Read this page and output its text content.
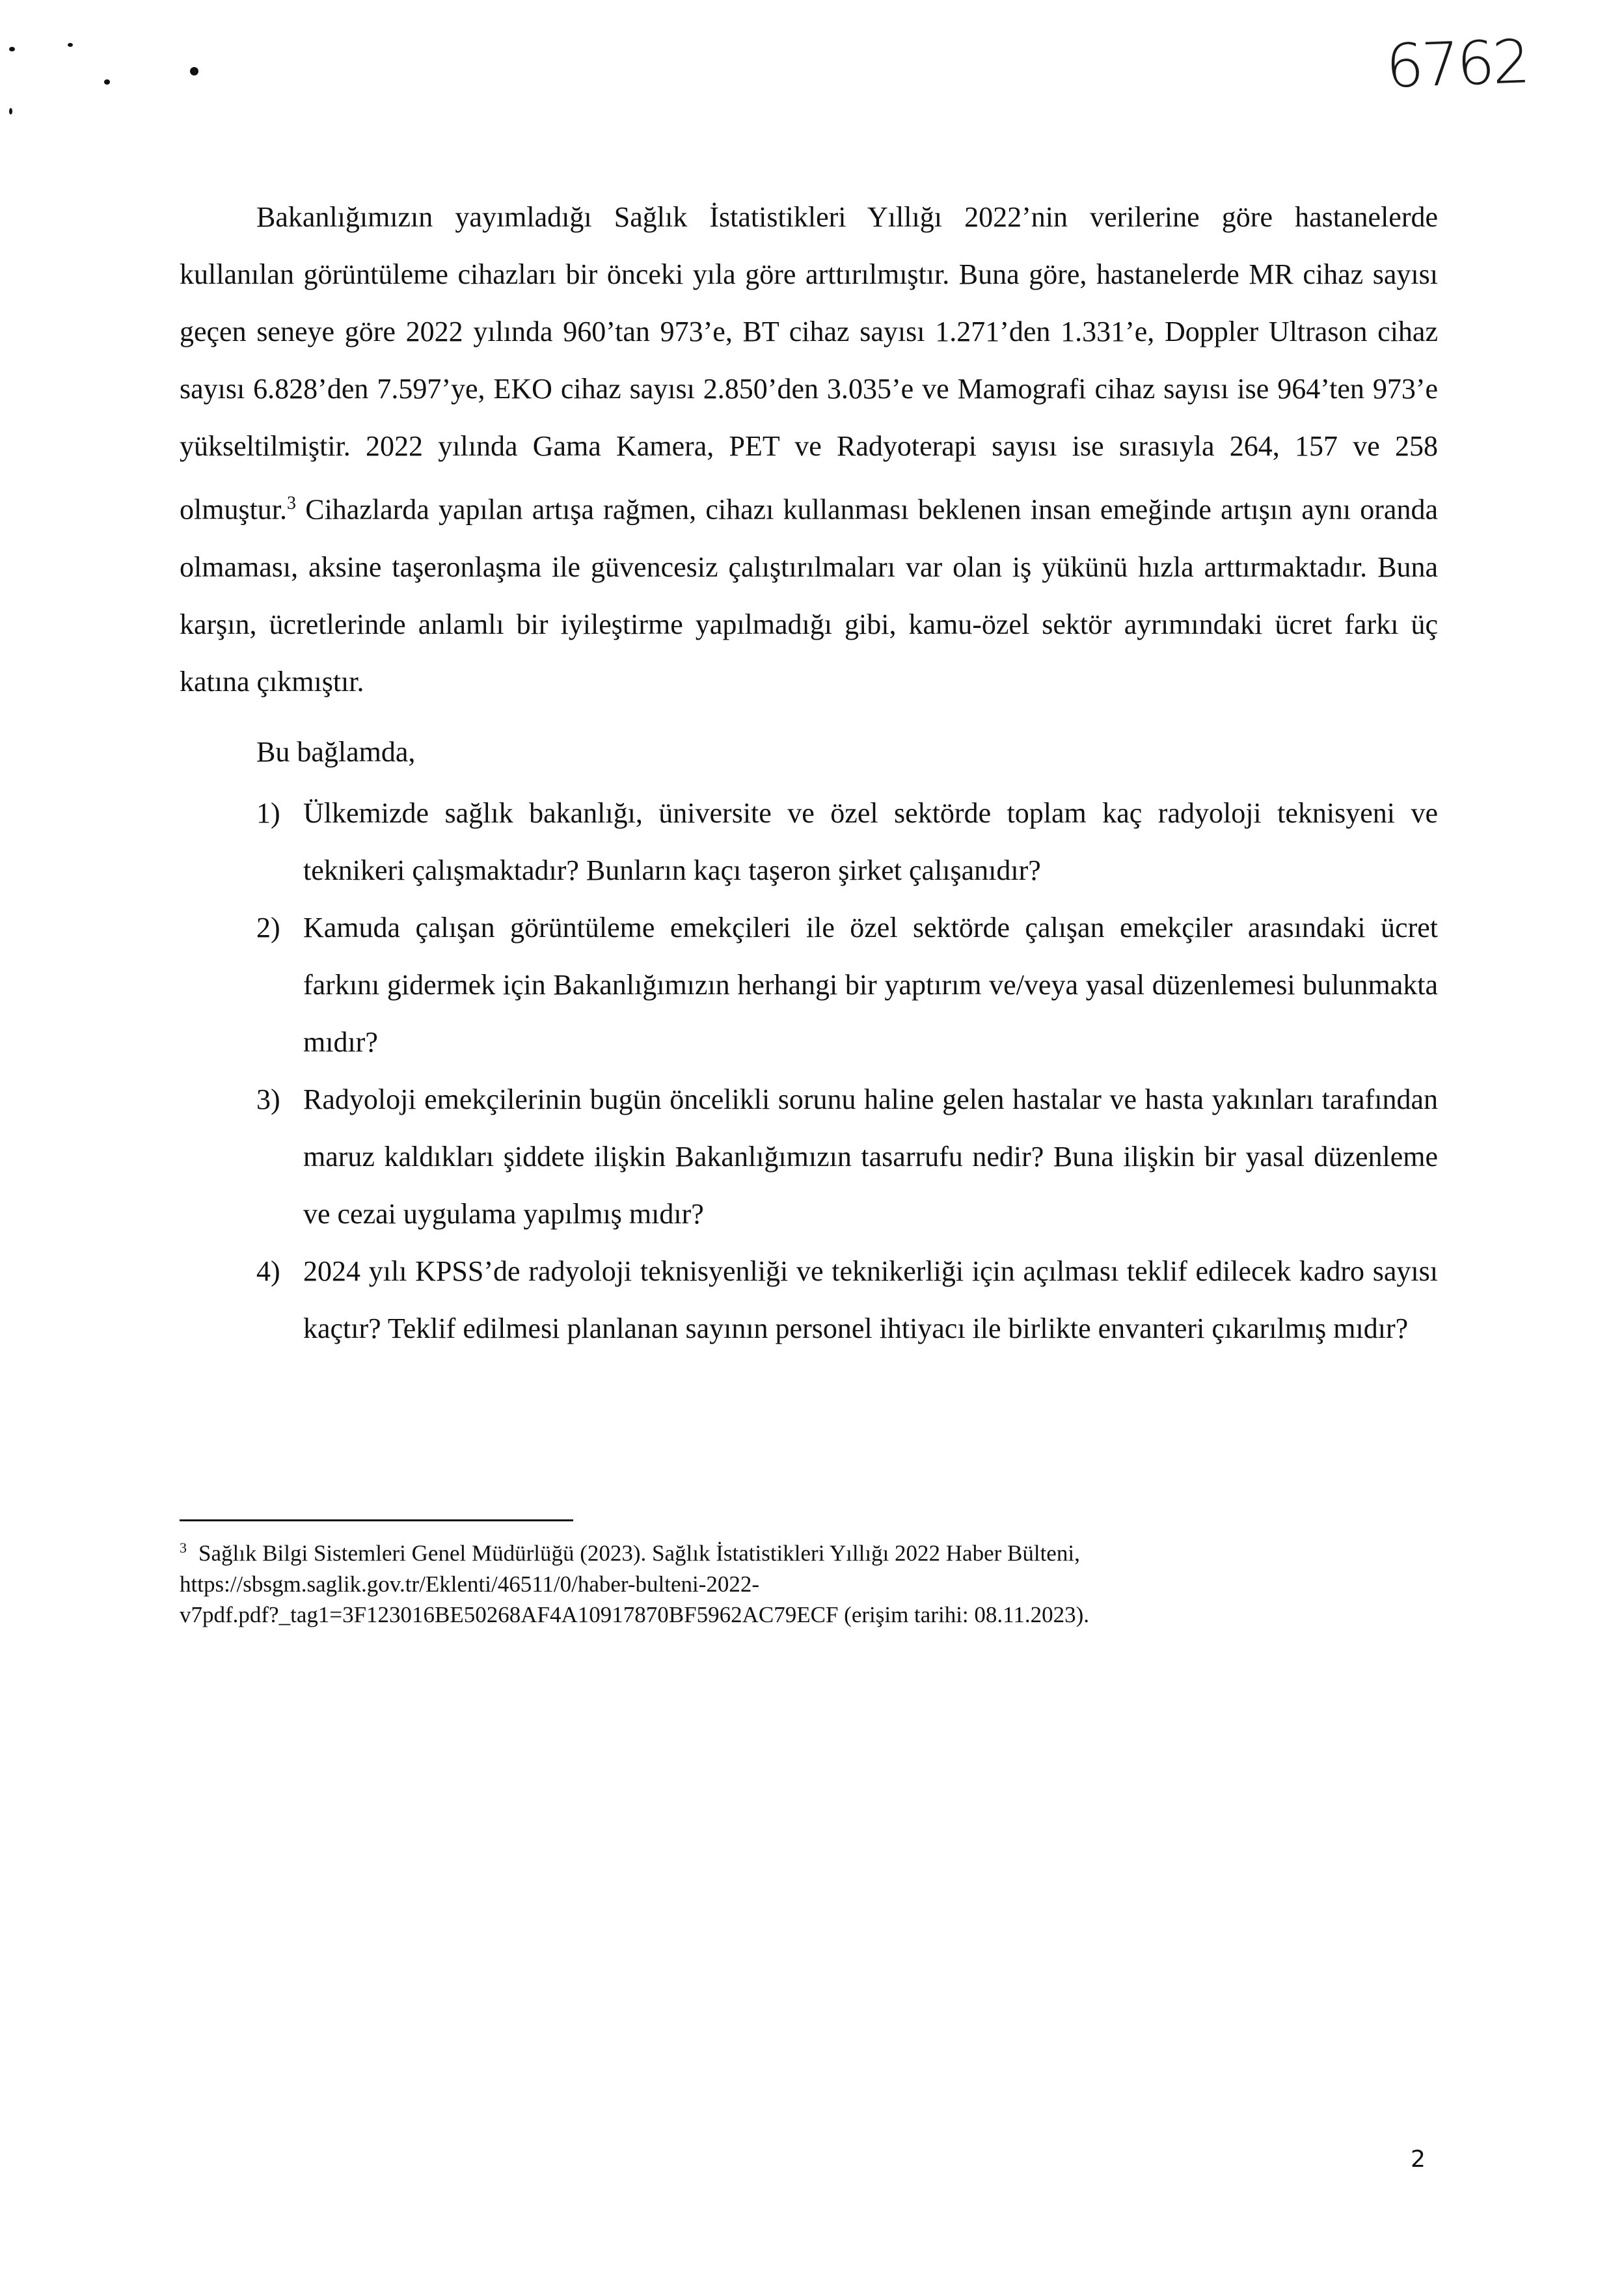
6762

Bakanlığımızın yayımladığı Sağlık İstatistikleri Yıllığı 2022’nin verilerine göre hastanelerde kullanılan görüntüleme cihazları bir önceki yıla göre arttırılmıştır. Buna göre, hastanelerde MR cihaz sayısı geçen seneye göre 2022 yılında 960’tan 973’e, BT cihaz sayısı 1.271’den 1.331’e, Doppler Ultrason cihaz sayısı 6.828’den 7.597’ye, EKO cihaz sayısı 2.850’den 3.035’e ve Mamografi cihaz sayısı ise 964’ten 973’e yükseltilmiştir. 2022 yılında Gama Kamera, PET ve Radyoterapi sayısı ise sırasıyla 264, 157 ve 258 olmuştur.$^3$ Cihazlarda yapılan artışa rağmen, cihazı kullanması beklenen insan emeğinde artışın aynı oranda olmaması, aksine taşeronlaşma ile güvencesiz çalıştırılmaları var olan iş yükünü hızla arttırmaktadır. Buna karşın, ücretlerinde anlamlı bir iyileştirme yapılmadığı gibi, kamu-özel sektör ayrımındaki ücret farkı üç katına çıkmıştır.

Bu bağlamda,

1) Ülkemizde sağlık bakanlığı, üniversite ve özel sektörde toplam kaç radyoloji teknisyeni ve teknikeri çalışmaktadır? Bunların kaçı taşeron şirket çalışanıdır?
2) Kamuda çalışan görüntüleme emekçileri ile özel sektörde çalışan emekçiler arasındaki ücret farkını gidermek için Bakanlığımızın herhangi bir yaptırım ve/veya yasal düzenlemesi bulunmakta mıdır?
3) Radyoloji emekçilerinin bugün öncelikli sorunu haline gelen hastalar ve hasta yakınları tarafından maruz kaldıkları şiddete ilişkin Bakanlığımızın tasarrufu nedir? Buna ilişkin bir yasal düzenleme ve cezai uygulama yapılmış mıdır?
4) 2024 yılı KPSS’de radyoloji teknisyenliği ve teknikerliği için açılması teklif edilecek kadro sayısı kaçtır? Teklif edilmesi planlanan sayının personel ihtiyacı ile birlikte envanteri çıkarılmış mıdır?
$^3$ Sağlık Bilgi Sistemleri Genel Müdürlüğü (2023). Sağlık İstatistikleri Yıllığı 2022 Haber Bülteni,
https://sbsgm.saglik.gov.tr/Eklenti/46511/0/haber-bulteni-2022-
v7pdf.pdf?_tag1=3F123016BE50268AF4A10917870BF5962AC79ECF (erişim tarihi: 08.11.2023).
2
